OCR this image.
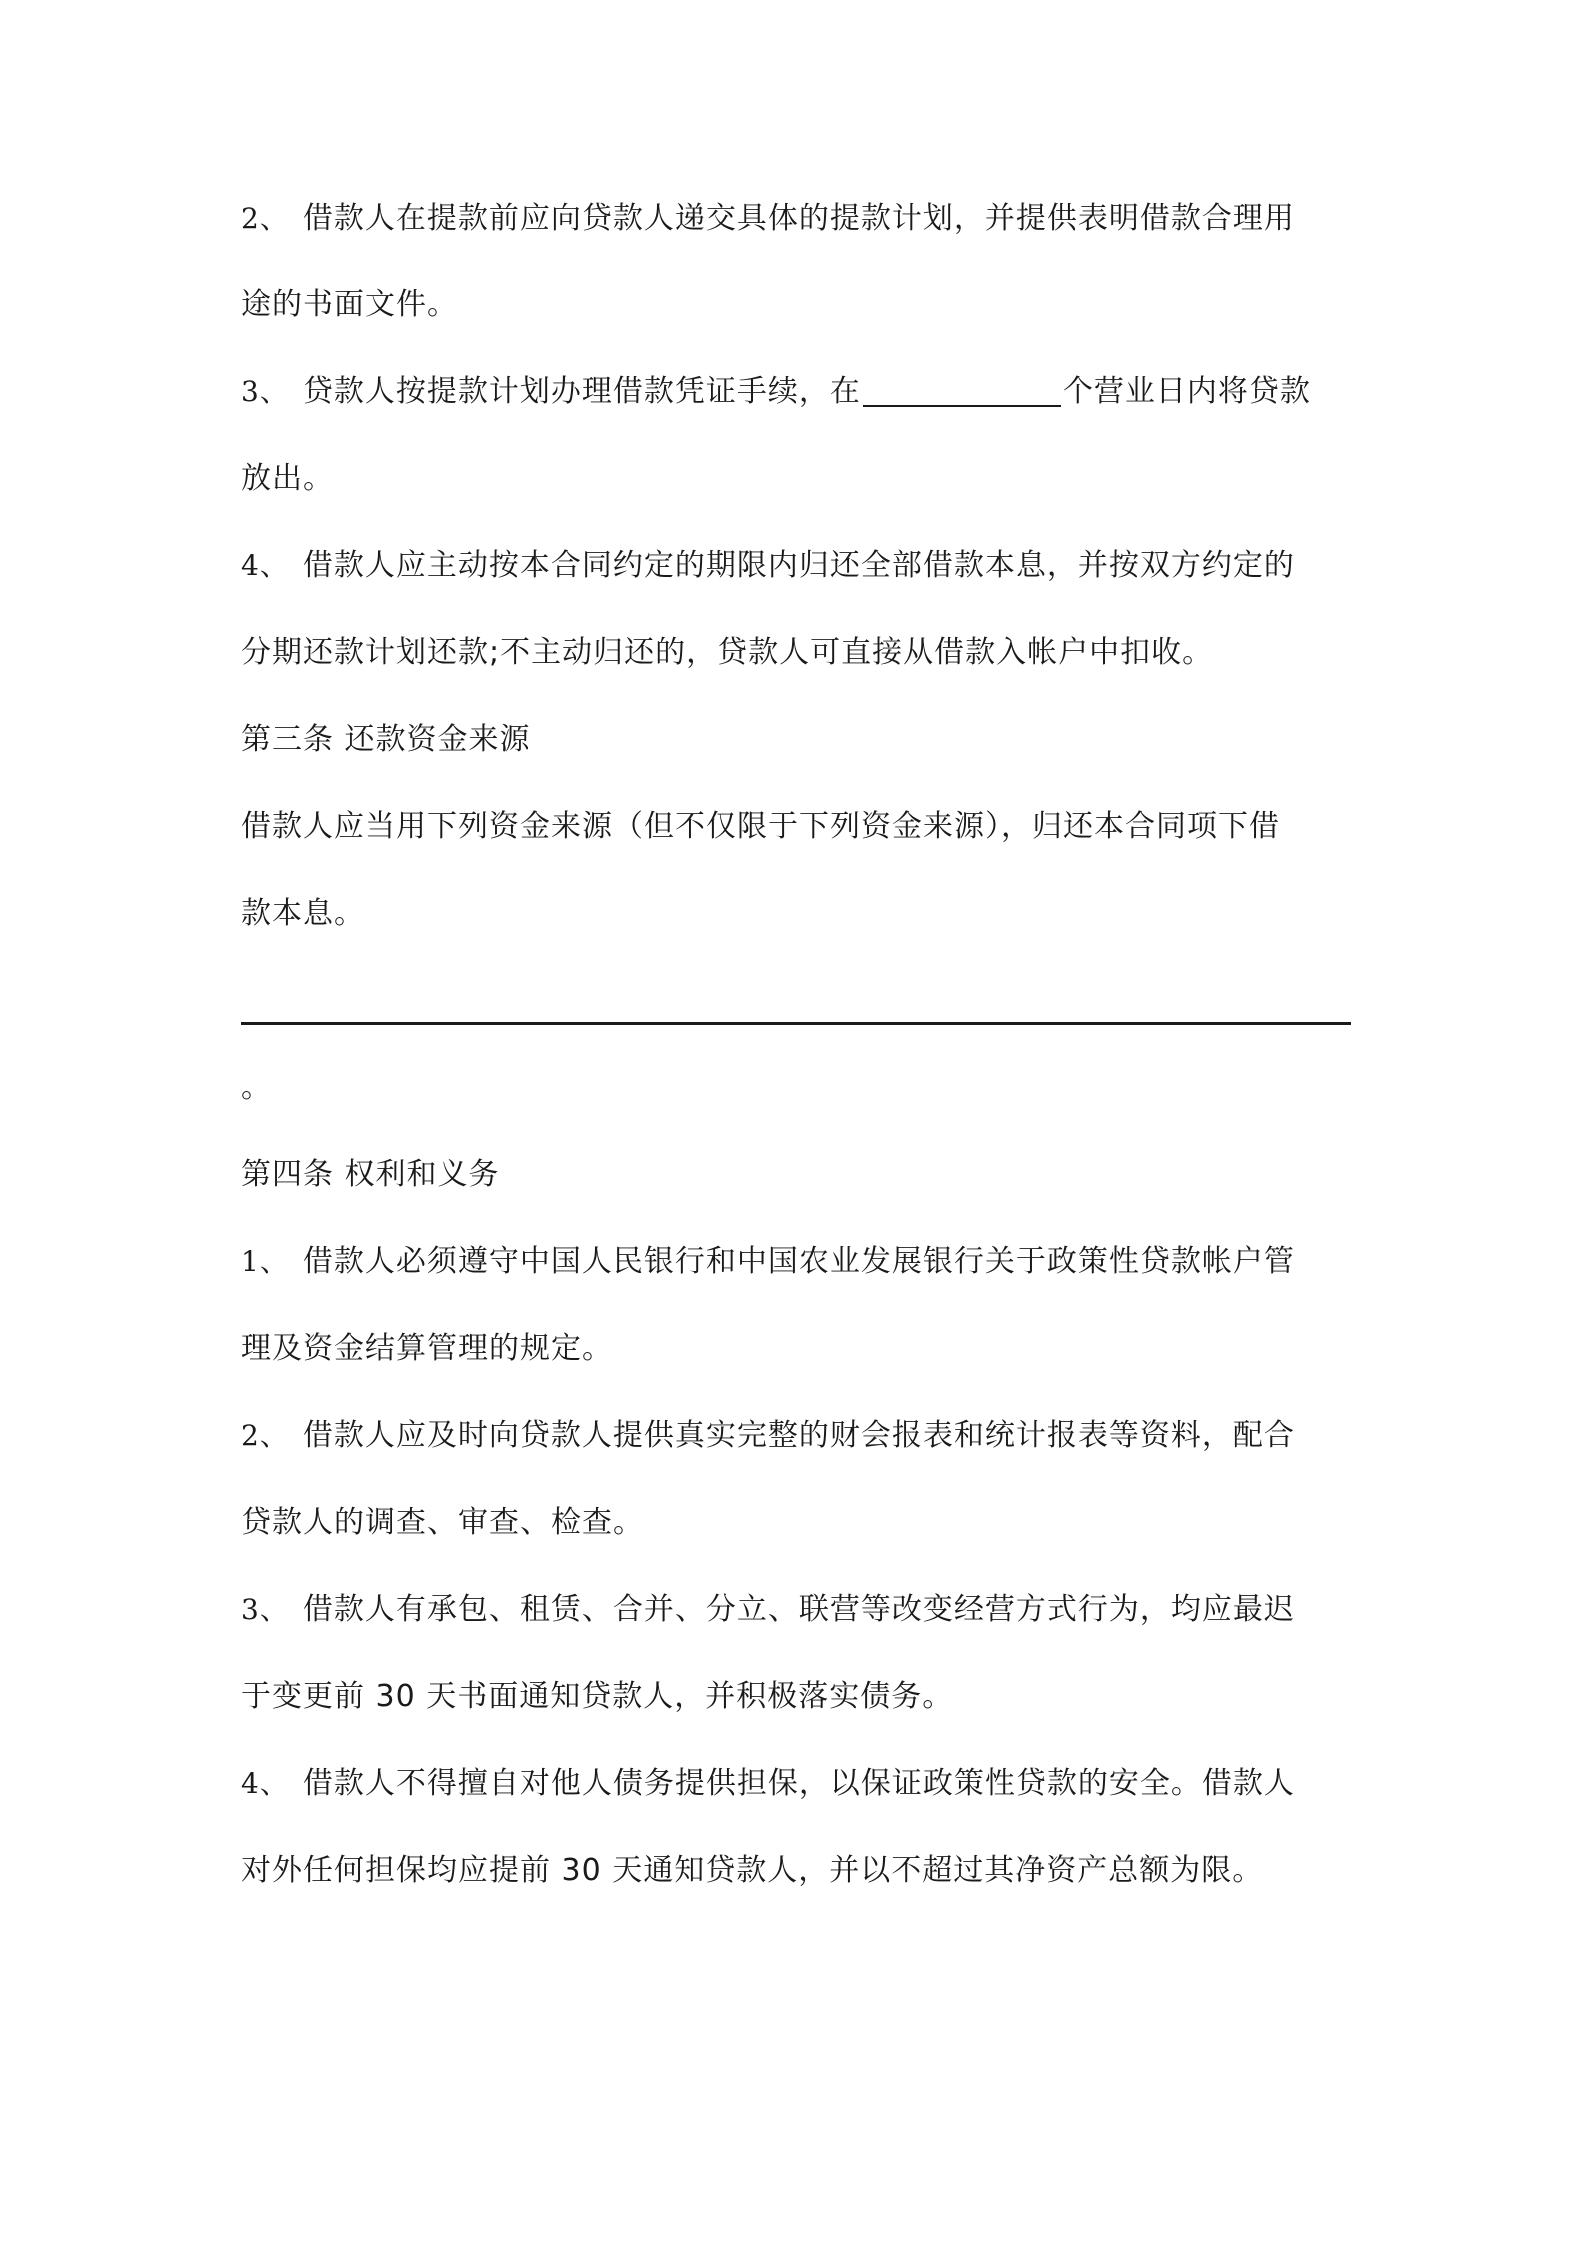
2、 借款人在提款前应向贷款人递交具体的提款计划，并提供表明借款合理用
途的书面文件。
3、 贷款人按提款计划办理借款凭证手续，在	个营业日内将贷款
放出。
4、 借款人应主动按本合同约定的期限内归还全部借款本息，并按双方约定的
分期还款计划还款;不主动归还的，贷款人可直接从借款入帐户中扣收。
第三条 还款资金来源
借款人应当用下列资金来源（但不仅限于下列资金来源），归还本合同项下借
款本息。
。
第四条 权利和义务
1、 借款人必须遵守中国人民银行和中国农业发展银行关于政策性贷款帐户管
理及资金结算管理的规定。
2、 借款人应及时向贷款人提供真实完整的财会报表和统计报表等资料，配合
贷款人的调查、审查、检查。
3、 借款人有承包、租赁、合并、分立、联营等改变经营方式行为，均应最迟
于变更前 30 天书面通知贷款人，并积极落实债务。
4、 借款人不得擅自对他人债务提供担保，以保证政策性贷款的安全。借款人
对外任何担保均应提前 30 天通知贷款人，并以不超过其净资产总额为限。
